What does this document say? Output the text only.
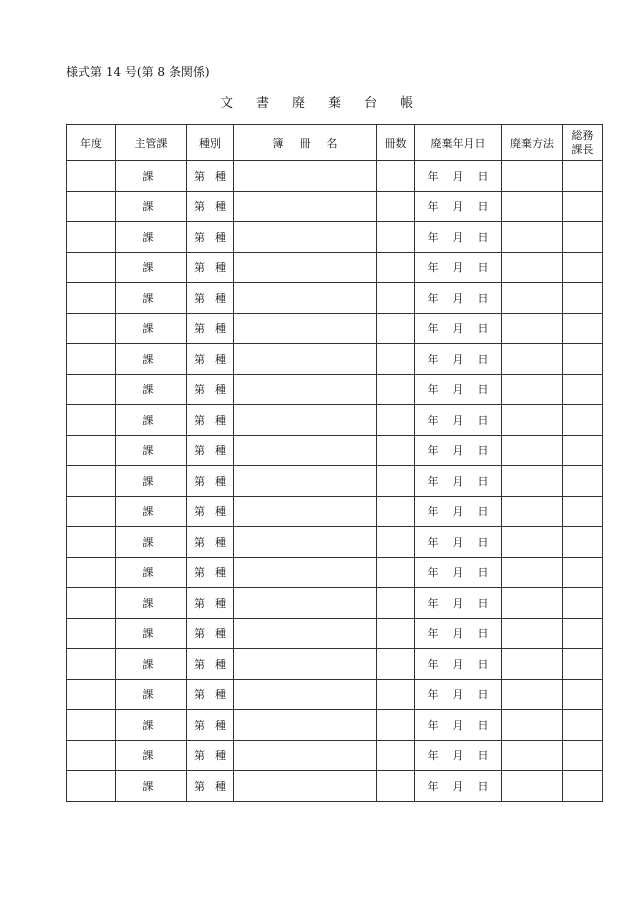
様式第 14 号(第 8 条関係)
文 書 廃 棄 台 帳
年度	主管課	種別	簿 冊 名	冊数	廃棄年月日	廃棄方法	総務
課長
	課	第 種			年 月 日		
	課	第 種			年 月 日		
	課	第 種			年 月 日		
	課	第 種			年 月 日		
	課	第 種			年 月 日		
	課	第 種			年 月 日		
	課	第 種			年 月 日		
	課	第 種			年 月 日		
	課	第 種			年 月 日		
	課	第 種			年 月 日		
	課	第 種			年 月 日		
	課	第 種			年 月 日		
	課	第 種			年 月 日		
	課	第 種			年 月 日		
	課	第 種			年 月 日		
	課	第 種			年 月 日		
	課	第 種			年 月 日		
	課	第 種			年 月 日		
	課	第 種			年 月 日		
	課	第 種			年 月 日		
	課	第 種			年 月 日		
